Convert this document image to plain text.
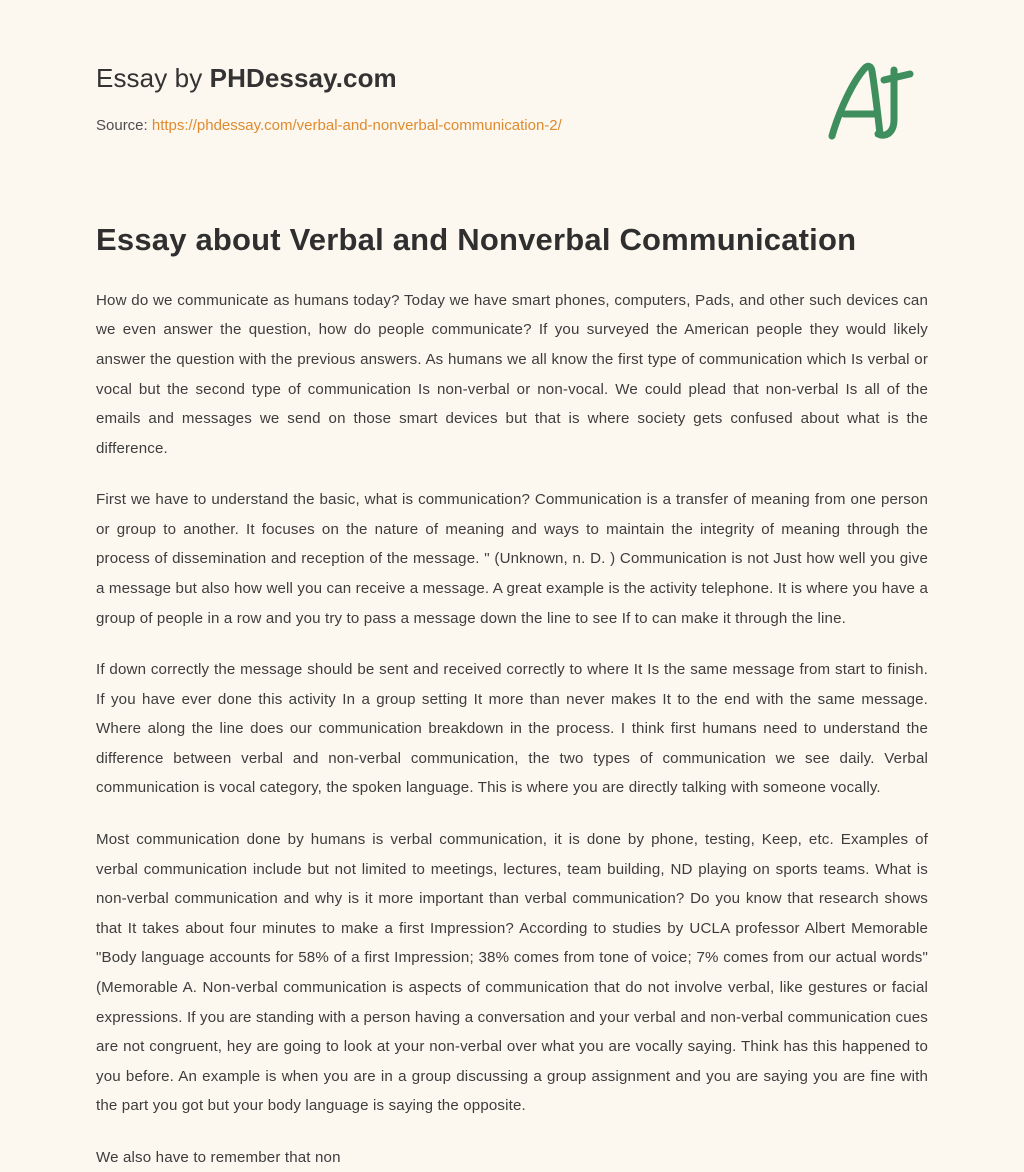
Essay by PHDessay.com
Source: https://phdessay.com/verbal-and-nonverbal-communication-2/
Essay about Verbal and Nonverbal Communication

How do we communicate as humans today? Today we have smart phones, computers, Pads, and other such devices can we even answer the question, how do people communicate? If you surveyed the American people they would likely answer the question with the previous answers. As humans we all know the first type of communication which Is verbal or vocal but the second type of communication Is non-verbal or non-vocal. We could plead that non-verbal Is all of the emails and messages we send on those smart devices but that is where society gets confused about what is the difference.

First we have to understand the basic, what is communication? Communication is a transfer of meaning from one person or group to another. It focuses on the nature of meaning and ways to maintain the integrity of meaning through the process of dissemination and reception of the message. " (Unknown, n. D. ) Communication is not Just how well you give a message but also how well you can receive a message. A great example is the activity telephone. It is where you have a group of people in a row and you try to pass a message down the line to see If to can make it through the line.

If down correctly the message should be sent and received correctly to where It Is the same message from start to finish. If you have ever done this activity In a group setting It more than never makes It to the end with the same message. Where along the line does our communication breakdown in the process. I think first humans need to understand the difference between verbal and non-verbal communication, the two types of communication we see daily. Verbal communication is vocal category, the spoken language. This is where you are directly talking with someone vocally.

Most communication done by humans is verbal communication, it is done by phone, testing, Keep, etc. Examples of verbal communication include but not limited to meetings, lectures, team building, ND playing on sports teams. What is non-verbal communication and why is it more important than verbal communication? Do you know that research shows that It takes about four minutes to make a first Impression? According to studies by UCLA professor Albert Memorable "Body language accounts for 58% of a first Impression; 38% comes from tone of voice; 7% comes from our actual words" (Memorable A. Non-verbal communication is aspects of communication that do not involve verbal, like gestures or facial expressions. If you are standing with a person having a conversation and your verbal and non-verbal communication cues are not congruent, hey are going to look at your non-verbal over what you are vocally saying. Think has this happened to you before. An example is when you are in a group discussing a group assignment and you are saying you are fine with the part you got but your body language is saying the opposite.

We also have to remember that non
